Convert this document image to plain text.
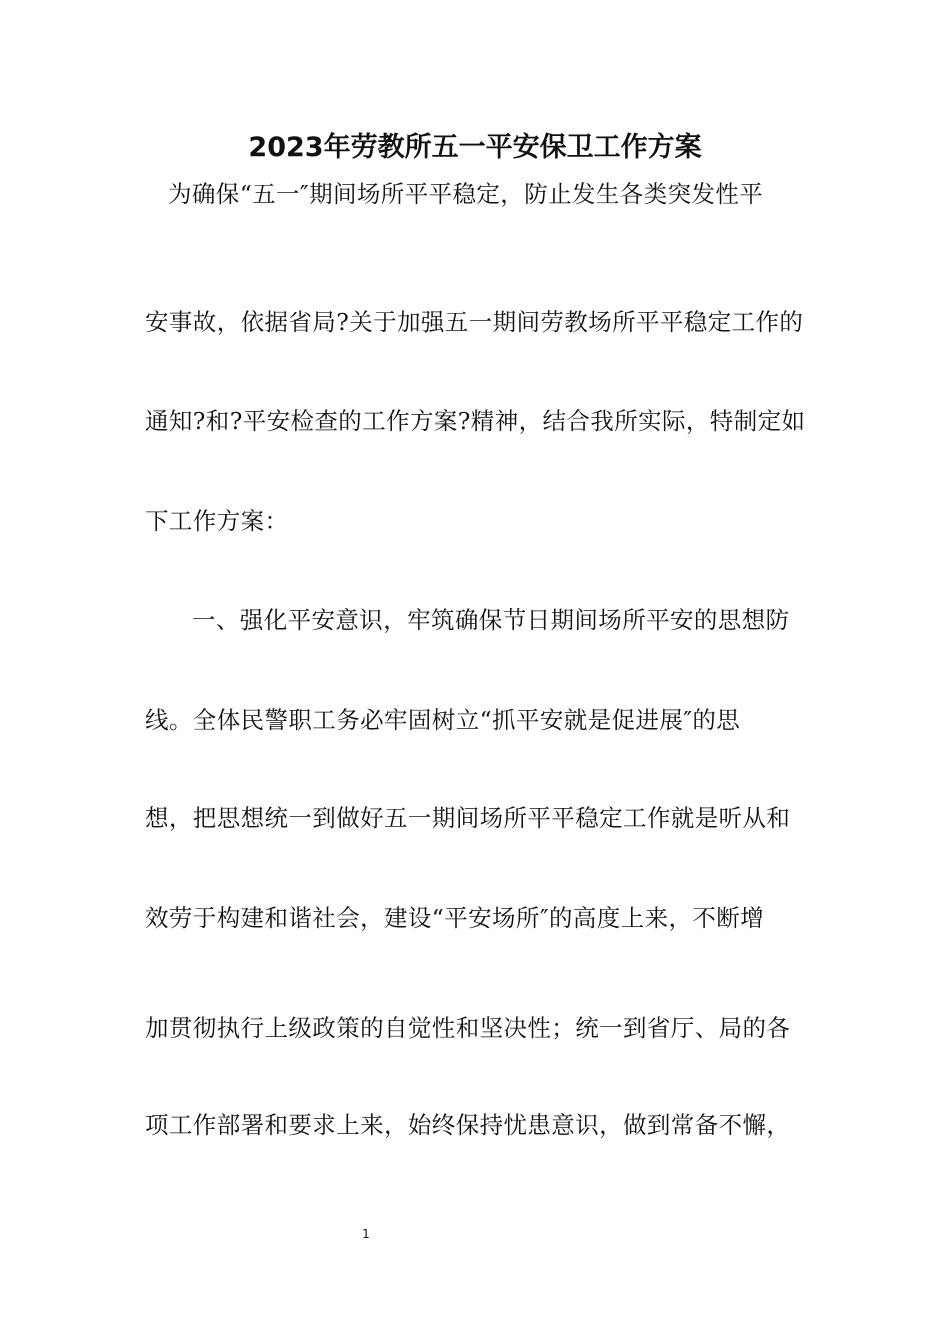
2023年劳教所五一平安保卫工作方案
为确保“五一″期间场所平平稳定，防止发生各类突发性平
安事故，依据省局?关于加强五一期间劳教场所平平稳定工作的
通知?和?平安检查的工作方案?精神，结合我所实际，特制定如
下工作方案：
一、强化平安意识，牢筑确保节日期间场所平安的思想防
线。全体民警职工务必牢固树立“抓平安就是促进展″的思
想，把思想统一到做好五一期间场所平平稳定工作就是听从和
效劳于构建和谐社会，建设“平安场所″的高度上来，不断增
加贯彻执行上级政策的自觉性和坚决性；统一到省厅、局的各
项工作部署和要求上来，始终保持忧患意识，做到常备不懈，
1
